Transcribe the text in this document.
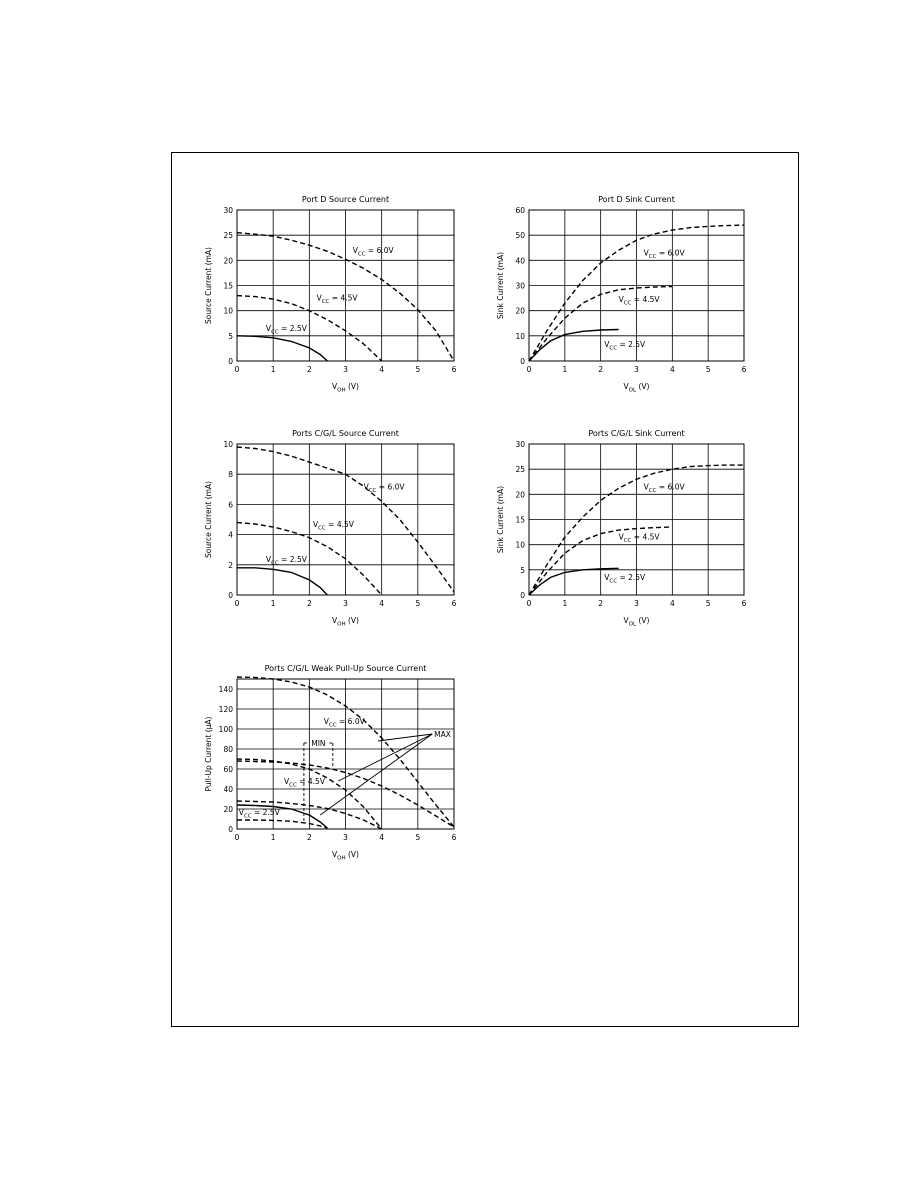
0	1	2	3	4	5	6
0
5
10
15
20
25
30
Port D Source Current
$V_{OH}$ (V)
Source Current (mA)	$V_{CC} = 6.0V$
$V_{CC} = 4.5V$
$V_{CC} = 2.5V$
0	1	2	3	4	5	6
0
10
20
30
40
50
60
Port D Sink Current
$V_{OL}$ (V)
Sink Current (mA)	$V_{CC} = 6.0V$
$V_{CC} = 4.5V$
$V_{CC} = 2.5V$
0	1	2	3	4	5	6
0
2
4
6
8
10
Ports C/G/L Source Current
$V_{OH}$ (V)
Source Current (mA)	$V_{CC} = 6.0V$
$V_{CC} = 4.5V$
$V_{CC} = 2.5V$
0	1	2	3	4	5	6
0
5
10
15
20
25
30
Ports C/G/L Sink Current
$V_{OL}$ (V)
Sink Current (mA)	$V_{CC} = 6.0V$
$V_{CC} = 4.5V$
$V_{CC} = 2.5V$
0	1	2	3	4	5	6
0
20
40
60
80
100
120
140
Ports C/G/L Weak Pull-Up Source Current
$V_{OH}$ (V)
Pull-Up Current (µA)	$V_{CC} = 6.0V$
$V_{CC} = 4.5V$
$V_{CC} = 2.5V$
MIN
MAX
